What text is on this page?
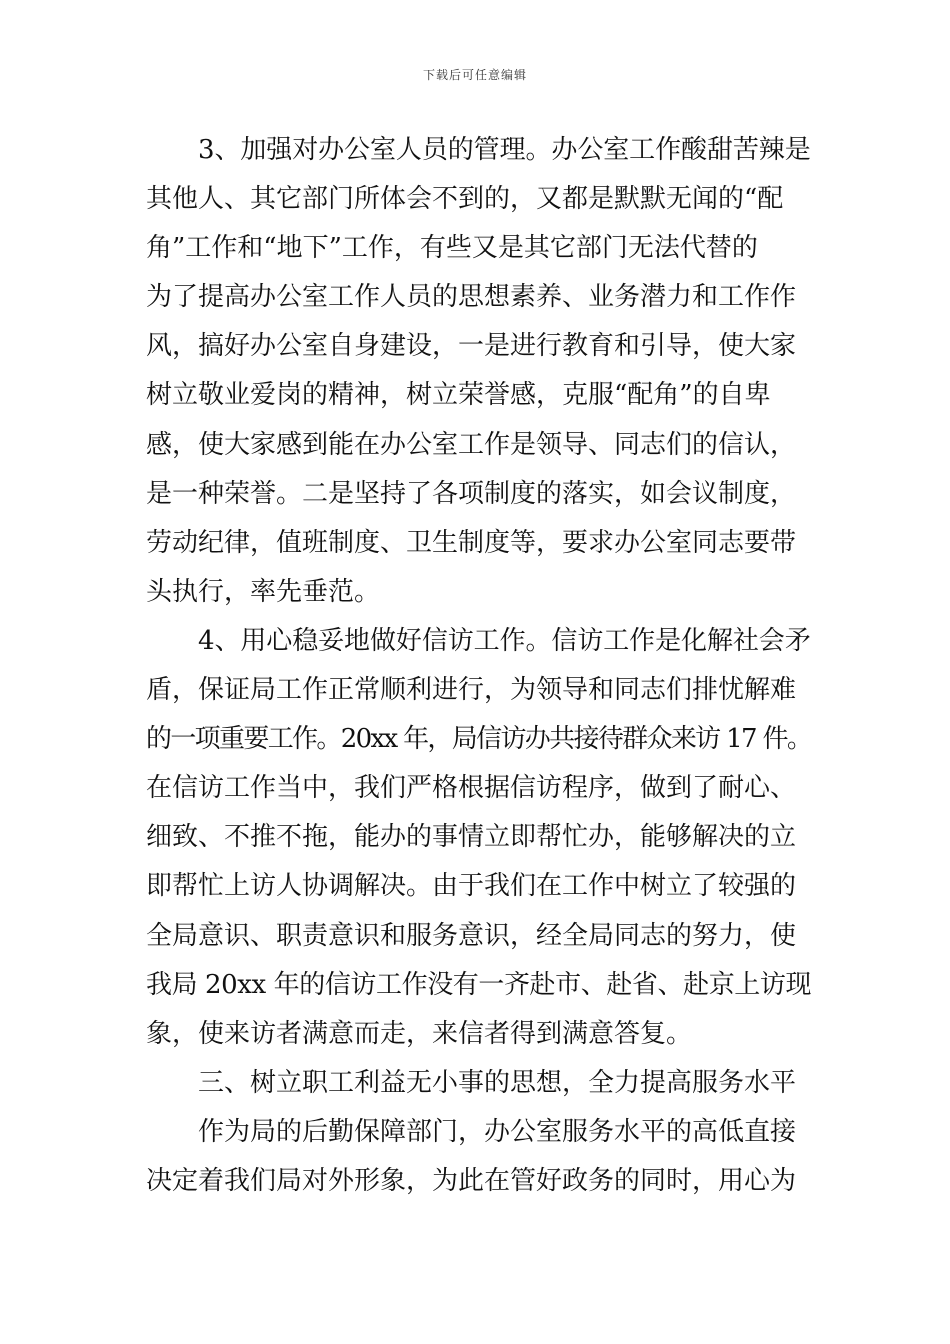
下载后可任意编辑
3、加强对办公室人员的管理。办公室工作酸甜苦辣是
其他人、其它部门所体会不到的，又都是默默无闻的“配
角”工作和“地下”工作，有些又是其它部门无法代替的
为了提高办公室工作人员的思想素养、业务潜力和工作作
风，搞好办公室自身建设，一是进行教育和引导，使大家
树立敬业爱岗的精神，树立荣誉感，克服“配角”的自卑
感，使大家感到能在办公室工作是领导、同志们的信认，
是一种荣誉。二是坚持了各项制度的落实，如会议制度，
劳动纪律，值班制度、卫生制度等，要求办公室同志要带
头执行，率先垂范。
4、用心稳妥地做好信访工作。信访工作是化解社会矛
盾，保证局工作正常顺利进行，为领导和同志们排忧解难
的一项重要工作。20xx 年，局信访办共接待群众来访 17 件。
在信访工作当中，我们严格根据信访程序，做到了耐心、
细致、不推不拖，能办的事情立即帮忙办，能够解决的立
即帮忙上访人协调解决。由于我们在工作中树立了较强的
全局意识、职责意识和服务意识，经全局同志的努力，使
我局 20xx 年的信访工作没有一齐赴市、赴省、赴京上访现
象，使来访者满意而走，来信者得到满意答复。
三、树立职工利益无小事的思想，全力提高服务水平
作为局的后勤保障部门，办公室服务水平的高低直接
决定着我们局对外形象，为此在管好政务的同时，用心为
